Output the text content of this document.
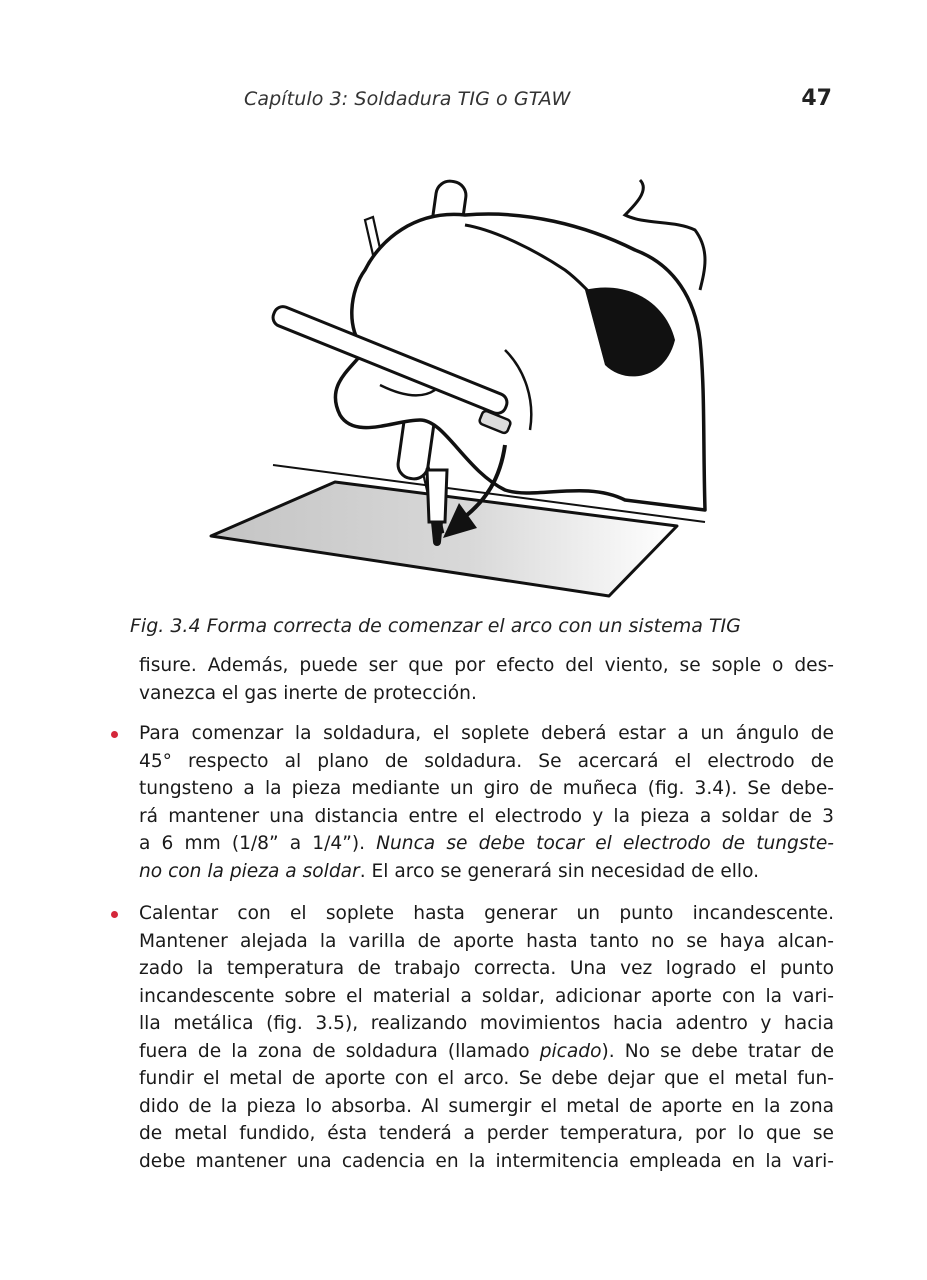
Capítulo 3: Soldadura TIG o GTAW	47
Fig. 3.4 Forma correcta de comenzar el arco con un sistema TIG
fisure. Además, puede ser que por efecto del viento, se sople o des-
vanezca el gas inerte de protección.
Para comenzar la soldadura, el soplete deberá estar a un ángulo de
45° respecto al plano de soldadura. Se acercará el electrodo de
tungsteno a la pieza mediante un giro de muñeca (fig. 3.4). Se debe-
rá mantener una distancia entre el electrodo y la pieza a soldar de 3
a 6 mm (1/8” a 1/4”). Nunca se debe tocar el electrodo de tungste-
no con la pieza a soldar. El arco se generará sin necesidad de ello.
Calentar con el soplete hasta generar un punto incandescente.
Mantener alejada la varilla de aporte hasta tanto no se haya alcan-
zado la temperatura de trabajo correcta. Una vez logrado el punto
incandescente sobre el material a soldar, adicionar aporte con la vari-
lla metálica (fig. 3.5), realizando movimientos hacia adentro y hacia
fuera de la zona de soldadura (llamado picado). No se debe tratar de
fundir el metal de aporte con el arco. Se debe dejar que el metal fun-
dido de la pieza lo absorba. Al sumergir el metal de aporte en la zona
de metal fundido, ésta tenderá a perder temperatura, por lo que se
debe mantener una cadencia en la intermitencia empleada en la vari-
